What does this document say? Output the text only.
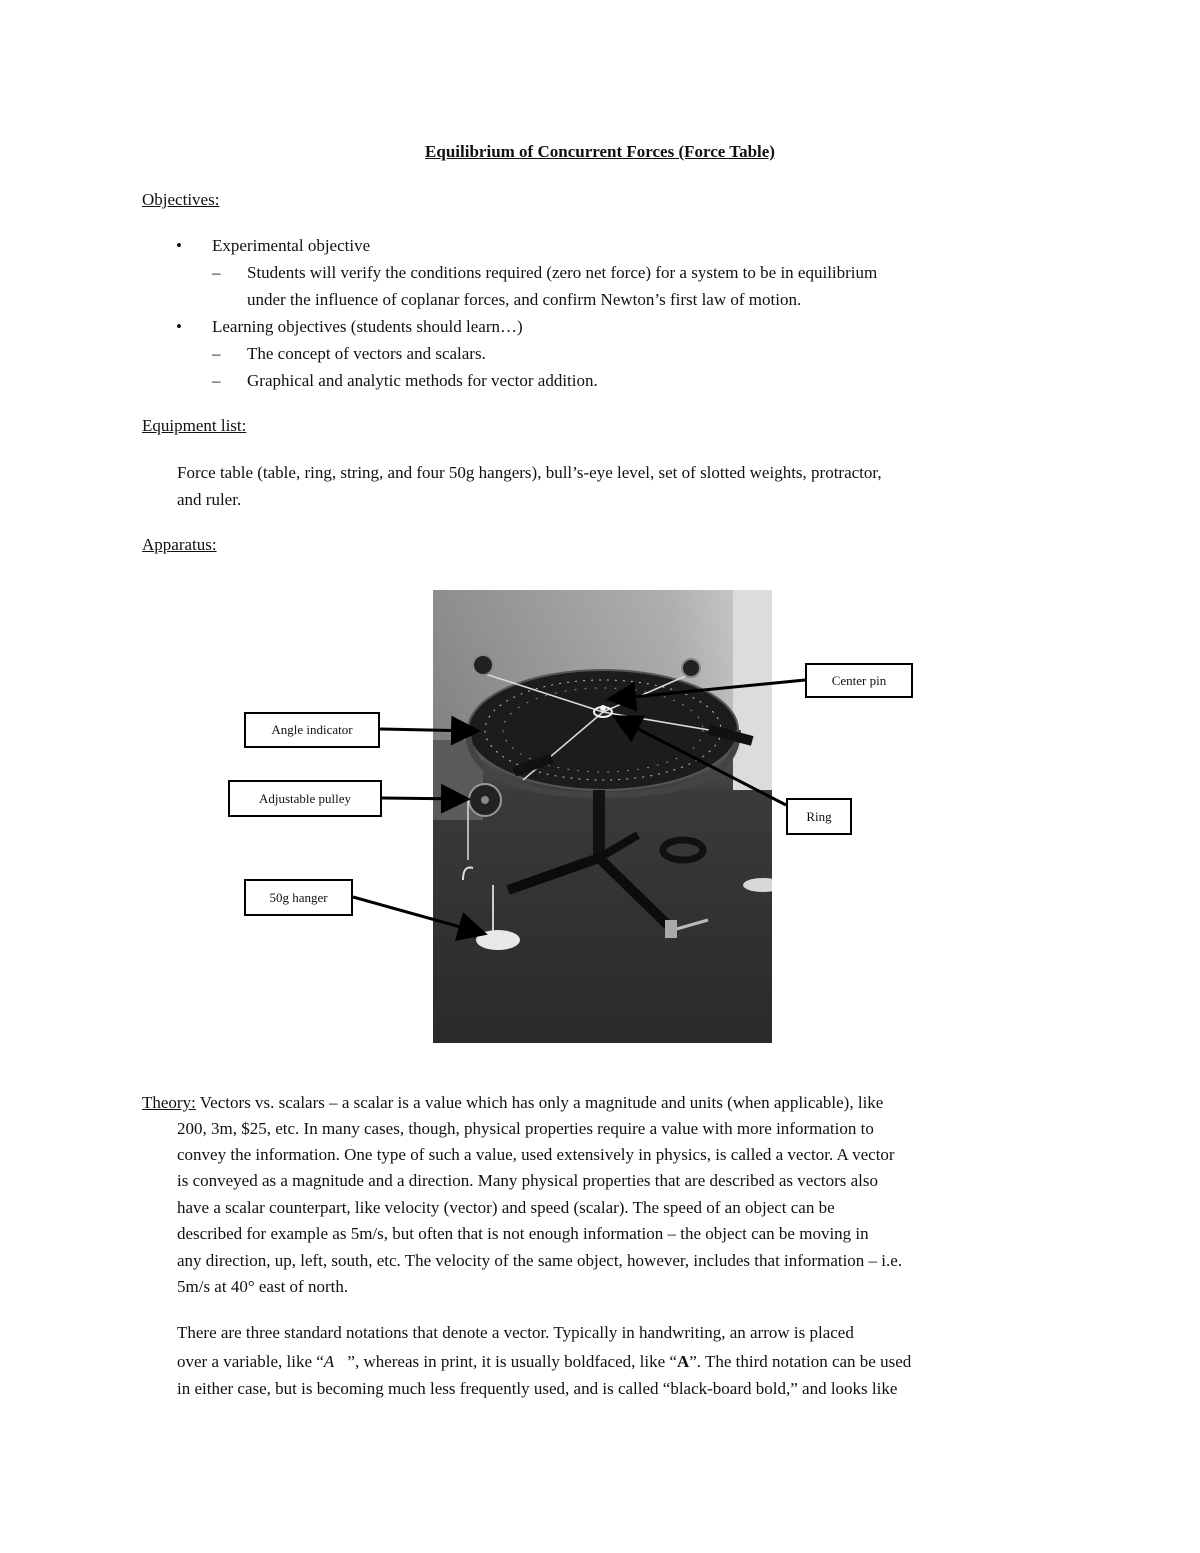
Equilibrium of Concurrent Forces (Force Table)
Objectives:
• Experimental objective
– Students will verify the conditions required (zero net force) for a system to be in equilibrium
under the influence of coplanar forces, and confirm Newton’s first law of motion.
• Learning objectives (students should learn…)
– The concept of vectors and scalars.
– Graphical and analytic methods for vector addition.
Equipment list:
Force table (table, ring, string, and four 50g hangers), bull’s-eye level, set of slotted weights, protractor,
and ruler.
Apparatus:
Center pin
Angle indicator
Adjustable pulley
Ring
50g hanger
Theory: Vectors vs. scalars – a scalar is a value which has only a magnitude and units (when applicable), like
200, 3m, $25, etc. In many cases, though, physical properties require a value with more information to
convey the information. One type of such a value, used extensively in physics, is called a vector. A vector
is conveyed as a magnitude and a direction. Many physical properties that are described as vectors also
have a scalar counterpart, like velocity (vector) and speed (scalar). The speed of an object can be
described for example as 5m/s, but often that is not enough information – the object can be moving in
any direction, up, left, south, etc. The velocity of the same object, however, includes that information – i.e.
5m/s at 40° east of north.
There are three standard notations that denote a vector. Typically in handwriting, an arrow is placed
over a variable, like “A⃗”, whereas in print, it is usually boldfaced, like “A”. The third notation can be used
in either case, but is becoming much less frequently used, and is called “black-board bold,” and looks like
